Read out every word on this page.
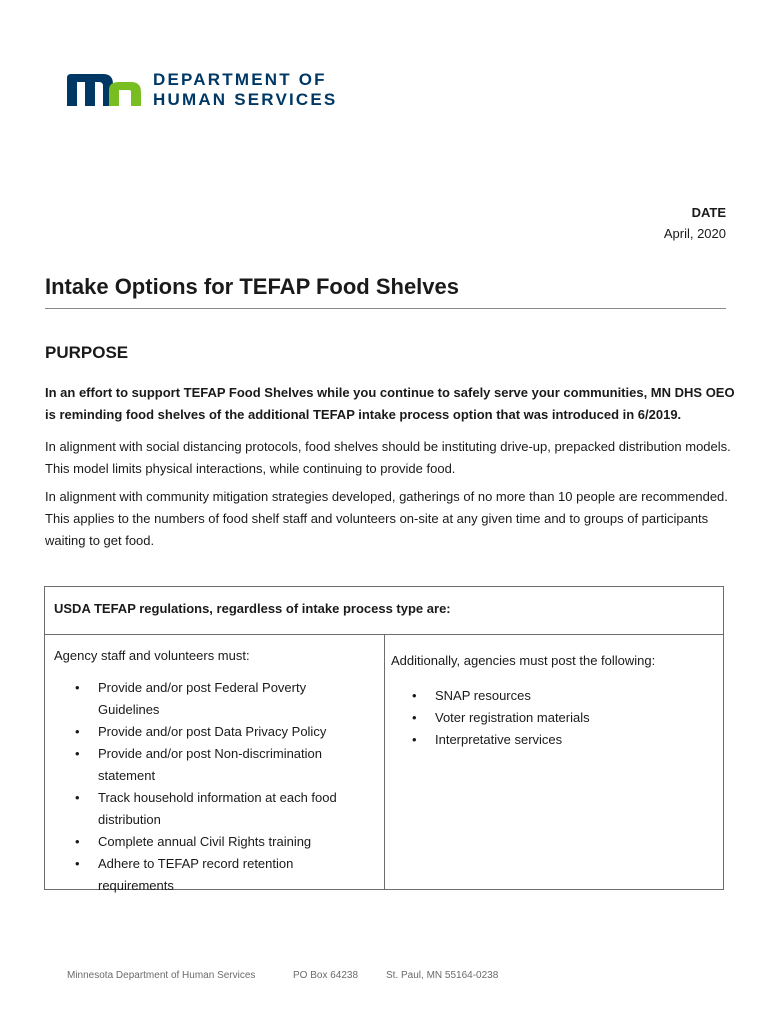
DEPARTMENT OF
HUMAN SERVICES
DATE
April, 2020
Intake Options for TEFAP Food Shelves
PURPOSE

In an effort to support TEFAP Food Shelves while you continue to safely serve your communities, MN DHS OEO is reminding food shelves of the additional TEFAP intake process option that was introduced in 6/2019.

In alignment with social distancing protocols, food shelves should be instituting drive-up, prepacked distribution models. This model limits physical interactions, while continuing to provide food.

In alignment with community mitigation strategies developed, gatherings of no more than 10 people are recommended. This applies to the numbers of food shelf staff and volunteers on-site at any given time and to groups of participants waiting to get food.

USDA TEFAP regulations, regardless of intake process type are:
Agency staff and volunteers must:
• Provide and/or post Federal Poverty Guidelines
• Provide and/or post Data Privacy Policy
• Provide and/or post Non-discrimination statement
• Track household information at each food distribution
• Complete annual Civil Rights training
• Adhere to TEFAP record retention requirements
Additionally, agencies must post the following:
• SNAP resources
• Voter registration materials
• Interpretative services
Minnesota Department of Human Services	PO Box 64238	St. Paul, MN 55164-0238
